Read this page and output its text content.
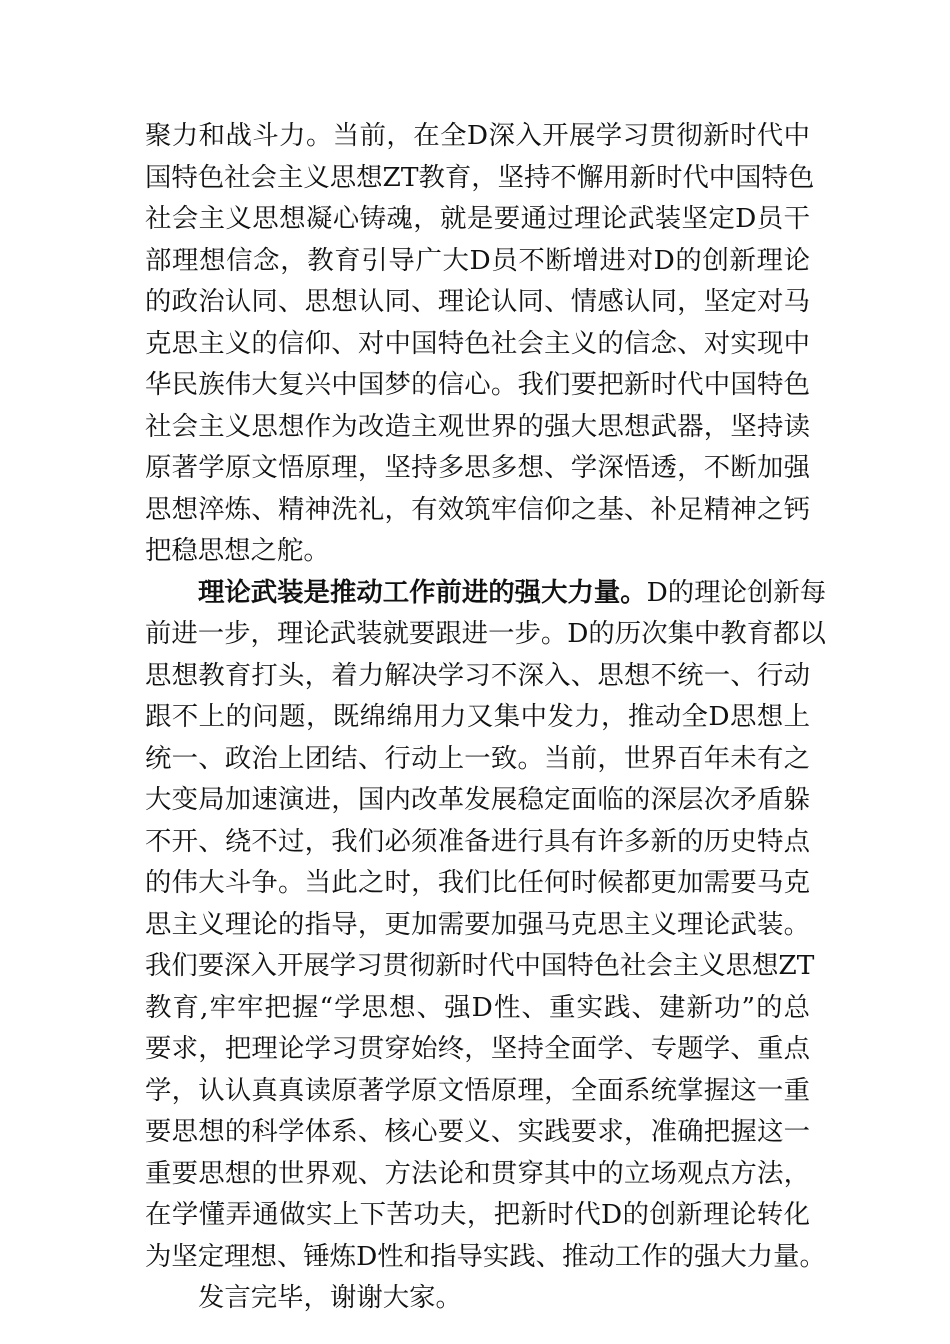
聚力和战斗力。当前，在全D深入开展学习贯彻新时代中
国特色社会主义思想ZT教育，坚持不懈用新时代中国特色
社会主义思想凝心铸魂，就是要通过理论武装坚定D员干
部理想信念，教育引导广大D员不断增进对D的创新理论
的政治认同、思想认同、理论认同、情感认同，坚定对马
克思主义的信仰、对中国特色社会主义的信念、对实现中
华民族伟大复兴中国梦的信心。我们要把新时代中国特色
社会主义思想作为改造主观世界的强大思想武器，坚持读
原著学原文悟原理，坚持多思多想、学深悟透，不断加强
思想淬炼、精神洗礼，有效筑牢信仰之基、补足精神之钙
把稳思想之舵。
理论武装是推动工作前进的强大力量。D的理论创新每
前进一步，理论武装就要跟进一步。D的历次集中教育都以
思想教育打头，着力解决学习不深入、思想不统一、行动
跟不上的问题，既绵绵用力又集中发力，推动全D思想上
统一、政治上团结、行动上一致。当前，世界百年未有之
大变局加速演进，国内改革发展稳定面临的深层次矛盾躲
不开、绕不过，我们必须准备进行具有许多新的历史特点
的伟大斗争。当此之时，我们比任何时候都更加需要马克
思主义理论的指导，更加需要加强马克思主义理论武装。
我们要深入开展学习贯彻新时代中国特色社会主义思想ZT
教育,牢牢把握“学思想、强D性、重实践、建新功”的总
要求，把理论学习贯穿始终，坚持全面学、专题学、重点
学，认认真真读原著学原文悟原理，全面系统掌握这一重
要思想的科学体系、核心要义、实践要求，准确把握这一
重要思想的世界观、方法论和贯穿其中的立场观点方法，
在学懂弄通做实上下苦功夫，把新时代D的创新理论转化
为坚定理想、锤炼D性和指导实践、推动工作的强大力量。
发言完毕，谢谢大家。
